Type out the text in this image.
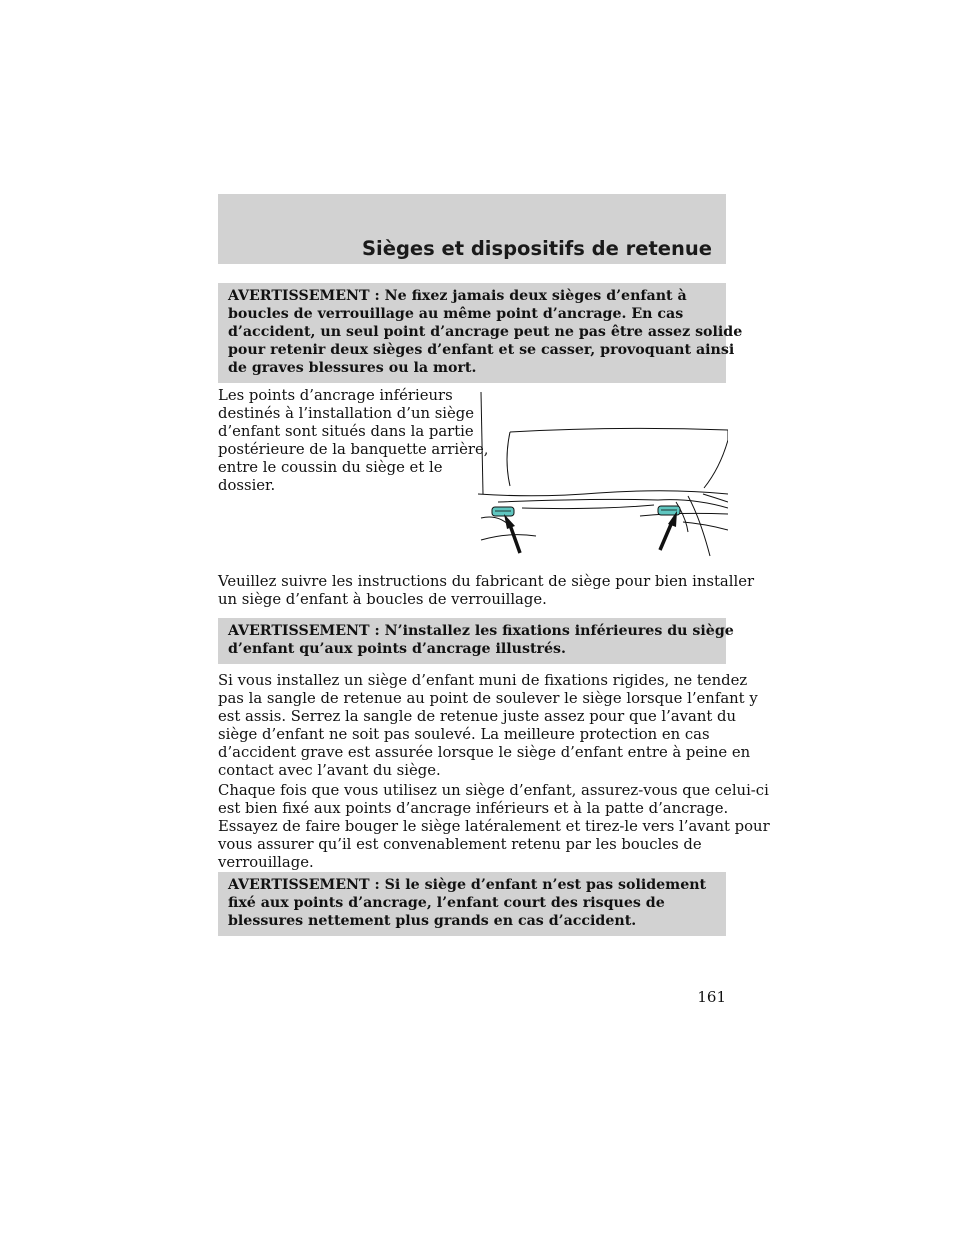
Sièges et dispositifs de retenue
AVERTISSEMENT : Ne fixez jamais deux sièges d’enfant à
boucles de verrouillage au même point d’ancrage. En cas
d’accident, un seul point d’ancrage peut ne pas être assez solide
pour retenir deux sièges d’enfant et se casser, provoquant ainsi
de graves blessures ou la mort.
Les points d’ancrage inférieurs
destinés à l’installation d’un siège
d’enfant sont situés dans la partie
postérieure de la banquette arrière,
entre le coussin du siège et le
dossier.
Veuillez suivre les instructions du fabricant de siège pour bien installer
un siège d’enfant à boucles de verrouillage.
AVERTISSEMENT : N’installez les fixations inférieures du siège
d’enfant qu’aux points d’ancrage illustrés.
Si vous installez un siège d’enfant muni de fixations rigides, ne tendez
pas la sangle de retenue au point de soulever le siège lorsque l’enfant y
est assis. Serrez la sangle de retenue juste assez pour que l’avant du
siège d’enfant ne soit pas soulevé. La meilleure protection en cas
d’accident grave est assurée lorsque le siège d’enfant entre à peine en
contact avec l’avant du siège.
Chaque fois que vous utilisez un siège d’enfant, assurez-vous que celui-ci
est bien fixé aux points d’ancrage inférieurs et à la patte d’ancrage.
Essayez de faire bouger le siège latéralement et tirez-le vers l’avant pour
vous assurer qu’il est convenablement retenu par les boucles de
verrouillage.
AVERTISSEMENT : Si le siège d’enfant n’est pas solidement
fixé aux points d’ancrage, l’enfant court des risques de
blessures nettement plus grands en cas d’accident.
161
